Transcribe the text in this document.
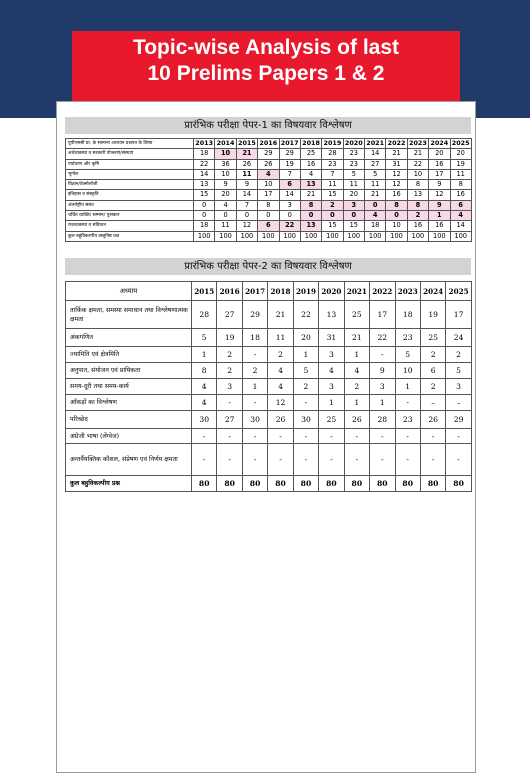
Topic-wise Analysis of last
10 Prelims Papers 1 & 2
प्रारंभिक परीक्षा पेपर-1 का विषयवार विश्लेषण
यूपीएससी प्रा. के सामान्य अध्ययन प्रश्नपत्र के विषय	2013	2014	2015	2016	2017	2018	2019	2020	2021	2022	2023	2024	2025
अर्थव्यवस्था व सरकारी योजनाएं/संस्थाएं	18	10	21	29	29	25	28	23	14	21	21	20	20
पर्यावरण और कृषि	22	36	26	26	19	16	23	23	27	31	22	16	19
भूगोल	14	10	11	4	7	4	7	5	5	12	10	17	11
विज्ञान/टेक्नोलॉजी	13	9	9	10	6	13	11	11	11	12	8	9	8
इतिहास व संस्कृति	15	20	14	17	14	21	15	20	21	16	13	12	16
अंतर्राष्ट्रीय संबंध	0	4	7	8	3	8	2	3	0	8	8	9	6
चर्चित व्यक्ति/ सम्मान/ पुरस्कार	0	0	0	0	0	0	0	0	4	0	2	1	4
राजव्यवस्था व संविधान	18	11	12	6	22	13	15	15	18	10	16	16	14
कुल बहुविकल्पीय वस्तुनिष्ठ प्रश्न	100	100	100	100	100	100	100	100	100	100	100	100	100
प्रारंभिक परीक्षा पेपर-2 का विषयवार विश्लेषण
अध्याय	2015	2016	2017	2018	2019	2020	2021	2022	2023	2024	2025
तार्किक क्षमता, समस्या समाधान तथा विश्लेषणात्मक क्षमता	28	27	29	21	22	13	25	17	18	19	17
अंकगणित	5	19	18	11	20	31	21	22	23	25	24
ज्यामिति एवं क्षेत्रमिति	1	2	-	2	1	3	1	-	5	2	2
अनुपात, संयोजन एवं प्रायिकता	8	2	2	4	5	4	4	9	10	6	5
समय-दूरी तथा समय-कार्य	4	3	1	4	2	3	2	3	1	2	3
आँकड़ों का विश्लेषण	4	-	-	12	-	1	1	1	-	–	–
परिच्छेद	30	27	30	26	30	25	26	28	23	26	29
अंग्रेजी भाषा (लेंग्वेज)	-	-	-	-	-	-	-	-	-	-	-
अन्तर्वैयक्तिक कौशल, संप्रेषण एवं निर्णय क्षमता	-	-	-	-	-	-	-	-	-	-	-
कुल बहुविकल्पीय प्रश्न	80	80	80	80	80	80	80	80	80	80	80
